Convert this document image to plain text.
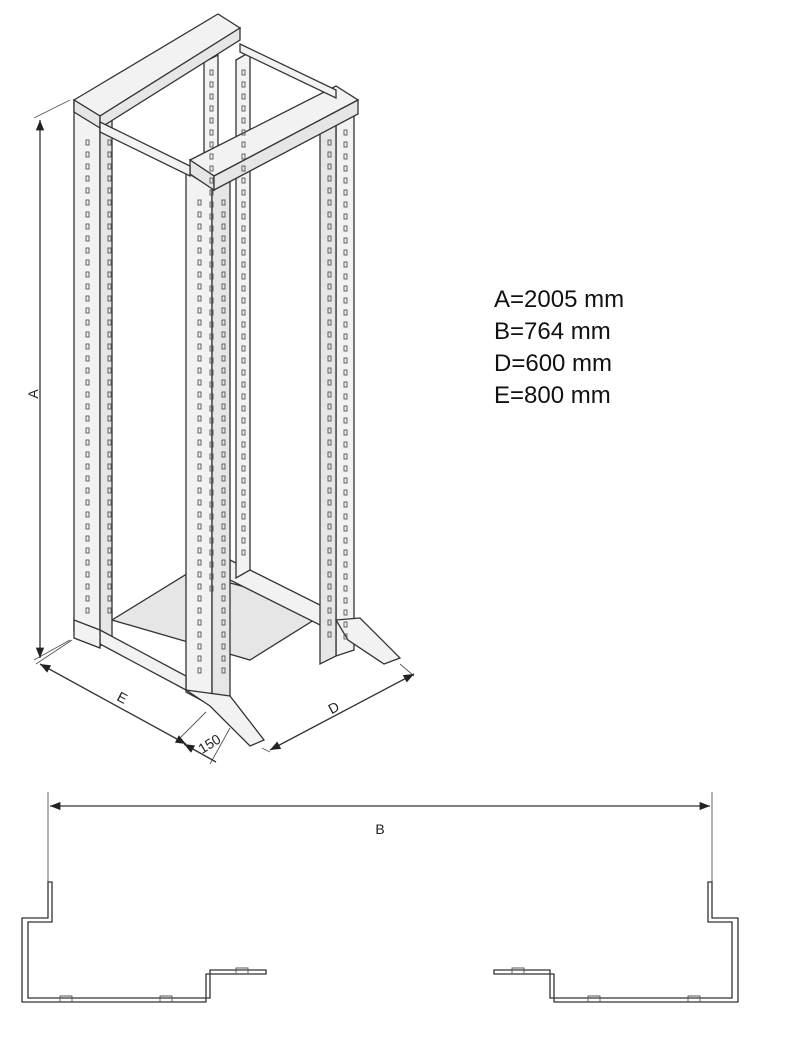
A
E
150
D
B
A=2005 mm
B=764 mm
D=600 mm
E=800 mm
